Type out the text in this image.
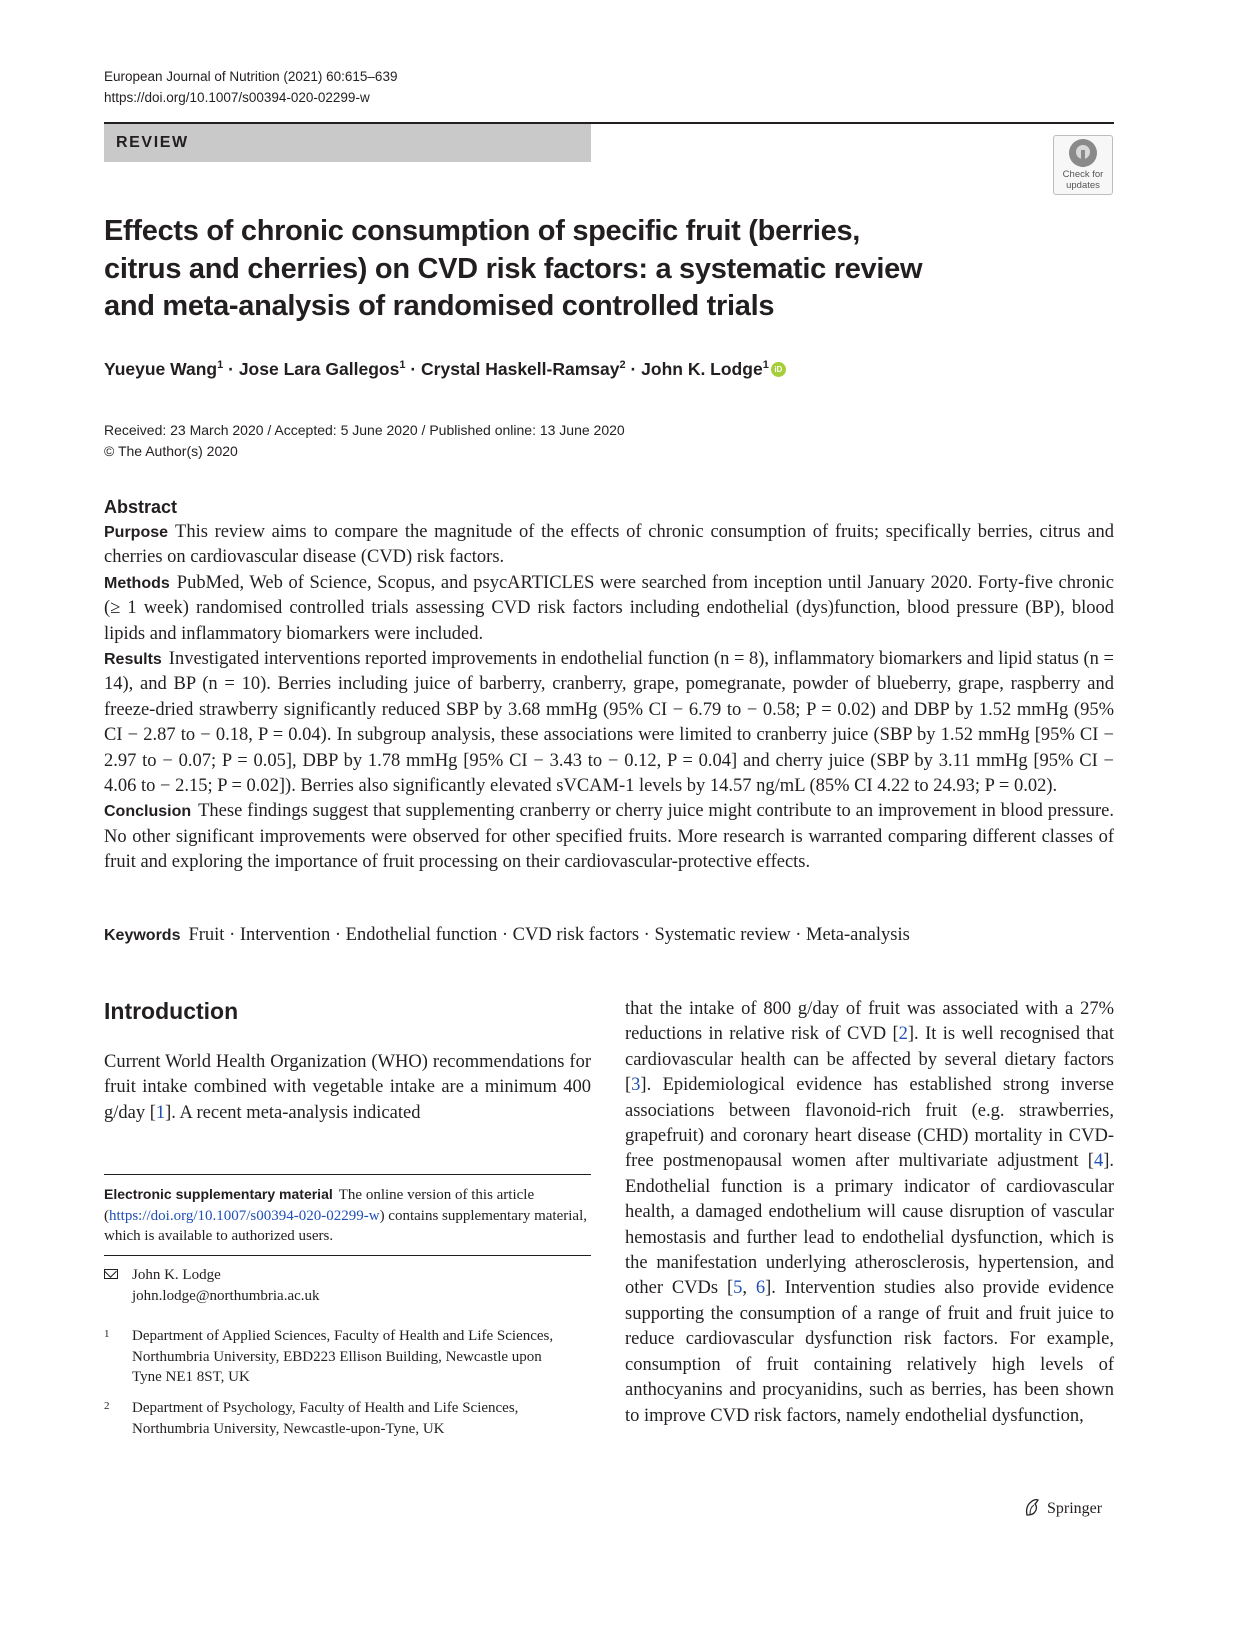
European Journal of Nutrition (2021) 60:615–639
https://doi.org/10.1007/s00394-020-02299-w
REVIEW
Check for
updates
Effects of chronic consumption of specific fruit (berries, citrus and cherries) on CVD risk factors: a systematic review and meta-analysis of randomised controlled trials
Yueyue Wang$^1$ · Jose Lara Gallegos$^1$ · Crystal Haskell-Ramsay$^2$ · John K. Lodge$^1$ iD
Received: 23 March 2020 / Accepted: 5 June 2020 / Published online: 13 June 2020
© The Author(s) 2020
Abstract

Purpose This review aims to compare the magnitude of the effects of chronic consumption of fruits; specifically berries, citrus and cherries on cardiovascular disease (CVD) risk factors.

Methods PubMed, Web of Science, Scopus, and psycARTICLES were searched from inception until January 2020. Forty-five chronic (≥ 1 week) randomised controlled trials assessing CVD risk factors including endothelial (dys)function, blood pressure (BP), blood lipids and inflammatory biomarkers were included.

Results Investigated interventions reported improvements in endothelial function (n = 8), inflammatory biomarkers and lipid status (n = 14), and BP (n = 10). Berries including juice of barberry, cranberry, grape, pomegranate, powder of blueberry, grape, raspberry and freeze-dried strawberry significantly reduced SBP by 3.68 mmHg (95% CI − 6.79 to − 0.58; P = 0.02) and DBP by 1.52 mmHg (95% CI − 2.87 to − 0.18, P = 0.04). In subgroup analysis, these associations were limited to cranberry juice (SBP by 1.52 mmHg [95% CI − 2.97 to − 0.07; P = 0.05], DBP by 1.78 mmHg [95% CI − 3.43 to − 0.12, P = 0.04] and cherry juice (SBP by 3.11 mmHg [95% CI − 4.06 to − 2.15; P = 0.02]). Berries also significantly elevated sVCAM-1 levels by 14.57 ng/mL (85% CI 4.22 to 24.93; P = 0.02).

Conclusion These findings suggest that supplementing cranberry or cherry juice might contribute to an improvement in blood pressure. No other significant improvements were observed for other specified fruits. More research is warranted comparing different classes of fruit and exploring the importance of fruit processing on their cardiovascular-protective effects.

Keywords Fruit · Intervention · Endothelial function · CVD risk factors · Systematic review · Meta-analysis
Introduction

Current World Health Organization (WHO) recommendations for fruit intake combined with vegetable intake are a minimum 400 g/day [1]. A recent meta-analysis indicated

that the intake of 800 g/day of fruit was associated with a 27% reductions in relative risk of CVD [2]. It is well recognised that cardiovascular health can be affected by several dietary factors [3]. Epidemiological evidence has established strong inverse associations between flavonoid-rich fruit (e.g. strawberries, grapefruit) and coronary heart disease (CHD) mortality in CVD-free postmenopausal women after multivariate adjustment [4]. Endothelial function is a primary indicator of cardiovascular health, a damaged endothelium will cause disruption of vascular hemostasis and further lead to endothelial dysfunction, which is the manifestation underlying atherosclerosis, hypertension, and other CVDs [5, 6]. Intervention studies also provide evidence supporting the consumption of a range of fruit and fruit juice to reduce cardiovascular dysfunction risk factors. For example, consumption of fruit containing relatively high levels of anthocyanins and procyanidins, such as berries, has been shown to improve CVD risk factors, namely endothelial dysfunction,

Electronic supplementary material The online version of this article (https://doi.org/10.1007/s00394-020-02299-w) contains supplementary material, which is available to authorized users.

John K. Lodge
john.lodge@northumbria.ac.uk
1 Department of Applied Sciences, Faculty of Health and Life Sciences, Northumbria University, EBD223 Ellison Building, Newcastle upon Tyne NE1 8ST, UK
2 Department of Psychology, Faculty of Health and Life Sciences, Northumbria University, Newcastle-upon-Tyne, UK
Springer
